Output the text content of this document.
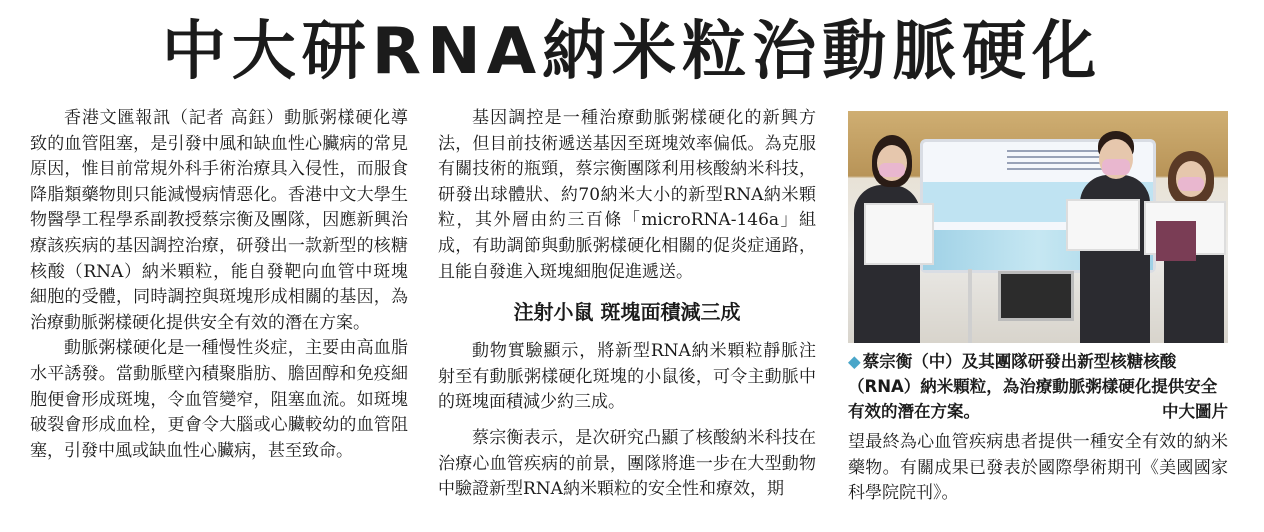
中大研RNA納米粒治動脈硬化

香港文匯報訊（記者 高鈺）動脈粥樣硬化導致的血管阻塞，是引發中風和缺血性心臟病的常見原因，惟目前常規外科手術治療具入侵性，而服食降脂類藥物則只能減慢病情惡化。香港中文大學生物醫學工程學系副教授蔡宗衡及團隊，因應新興治療該疾病的基因調控治療，研發出一款新型的核糖核酸（RNA）納米顆粒，能自發靶向血管中斑塊細胞的受體，同時調控與斑塊形成相關的基因，為治療動脈粥樣硬化提供安全有效的潛在方案。

動脈粥樣硬化是一種慢性炎症，主要由高血脂水平誘發。當動脈壁內積聚脂肪、膽固醇和免疫細胞便會形成斑塊，令血管變窄，阻塞血流。如斑塊破裂會形成血栓，更會令大腦或心臟較幼的血管阻塞，引發中風或缺血性心臟病，甚至致命。

基因調控是一種治療動脈粥樣硬化的新興方法，但目前技術遞送基因至斑塊效率偏低。為克服有關技術的瓶頸，蔡宗衡團隊利用核酸納米科技，研發出球體狀、約70納米大小的新型RNA納米顆粒，其外層由約三百條「microRNA-146a」組成，有助調節與動脈粥樣硬化相關的促炎症通路，且能自發進入斑塊細胞促進遞送。

注射小鼠 斑塊面積減三成

動物實驗顯示，將新型RNA納米顆粒靜脈注射至有動脈粥樣硬化斑塊的小鼠後，可令主動脈中的斑塊面積減少約三成。

蔡宗衡表示，是次研究凸顯了核酸納米科技在治療心血管疾病的前景，團隊將進一步在大型動物中驗證新型RNA納米顆粒的安全性和療效，期

◆ 蔡宗衡（中）及其團隊研發出新型核糖核酸（RNA）納米顆粒，為治療動脈粥樣硬化提供安全有效的潛在方案。	中大圖片

望最終為心血管疾病患者提供一種安全有效的納米藥物。有關成果已發表於國際學術期刊《美國國家科學院院刊》。
